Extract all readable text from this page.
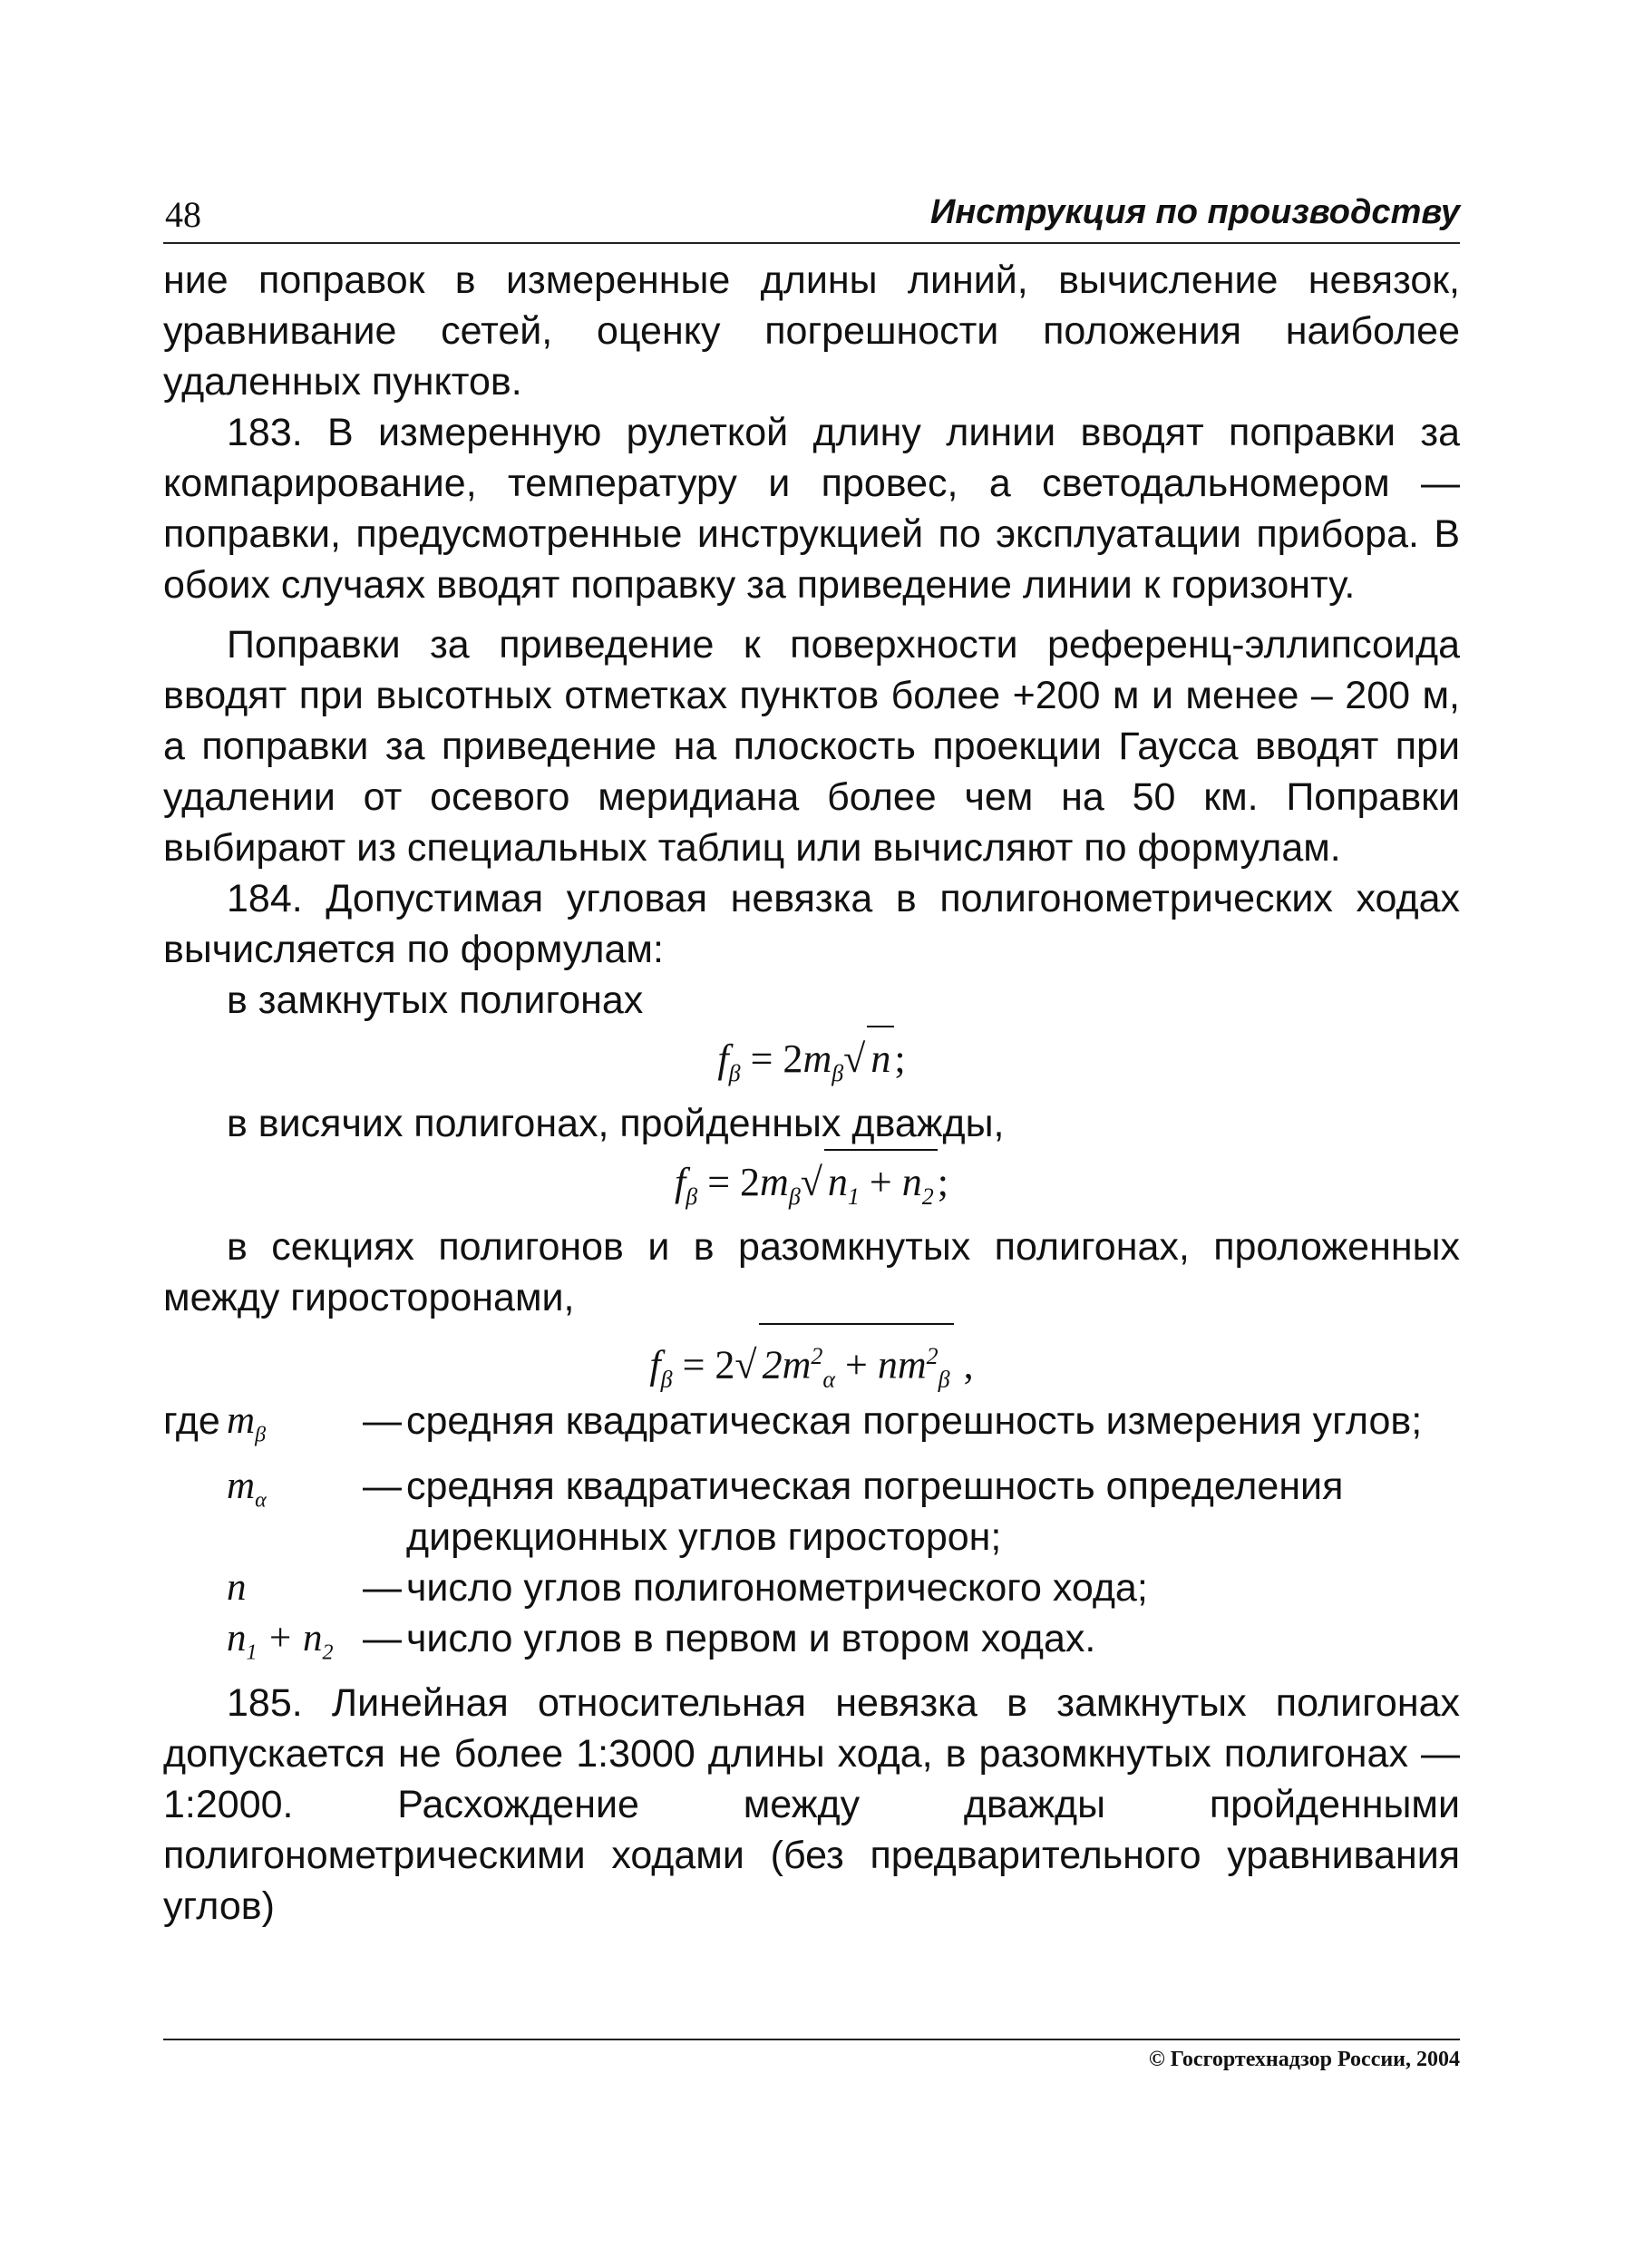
48	Инструкция по производству

ние поправок в измеренные длины линий, вычисление невязок, уравнивание сетей, оценку погрешности положения наиболее удаленных пунктов.

183. В измеренную рулеткой длину линии вводят поправки за компарирование, температуру и провес, а светодальномером — поправки, предусмотренные инструкцией по эксплуатации прибора. В обоих случаях вводят поправку за приведение линии к горизонту.

Поправки за приведение к поверхности референц-эллипсоида вводят при высотных отметках пунктов более +200 м и менее – 200 м, а поправки за приведение на плоскость проекции Гаусса вводят при удалении от осевого меридиана более чем на 50 км. Поправки выбирают из специальных таблиц или вычисляют по формулам.

184. Допустимая угловая невязка в полигонометрических ходах вычисляется по формулам:

в замкнутых полигонах

$f_\beta = 2m_\beta√$ n;

в висячих полигонах, пройденных дважды,

$f_\beta = 2m_\beta√$ $n_1 + n_2$;

в секциях полигонов и в разомкнутых полигонах, проложенных между гиросторонами,

$f_\beta = 2√$ $2m^2_\alpha + nm^2_\beta$ ,
где $m_\beta$	— средняя квадратическая погрешность измерения углов;
$m_\alpha$	— средняя квадратическая погрешность определения дирекционных углов гиросторон;
n	— число углов полигонометрического хода;
$n_1 + n_2$ — число углов в первом и втором ходах.

185. Линейная относительная невязка в замкнутых полигонах допускается не более 1:3000 длины хода, в разомкнутых полигонах — 1:2000. Расхождение между дважды пройденными полигонометрическими ходами (без предварительного уравнивания углов)

© Госгортехнадзор России, 2004
